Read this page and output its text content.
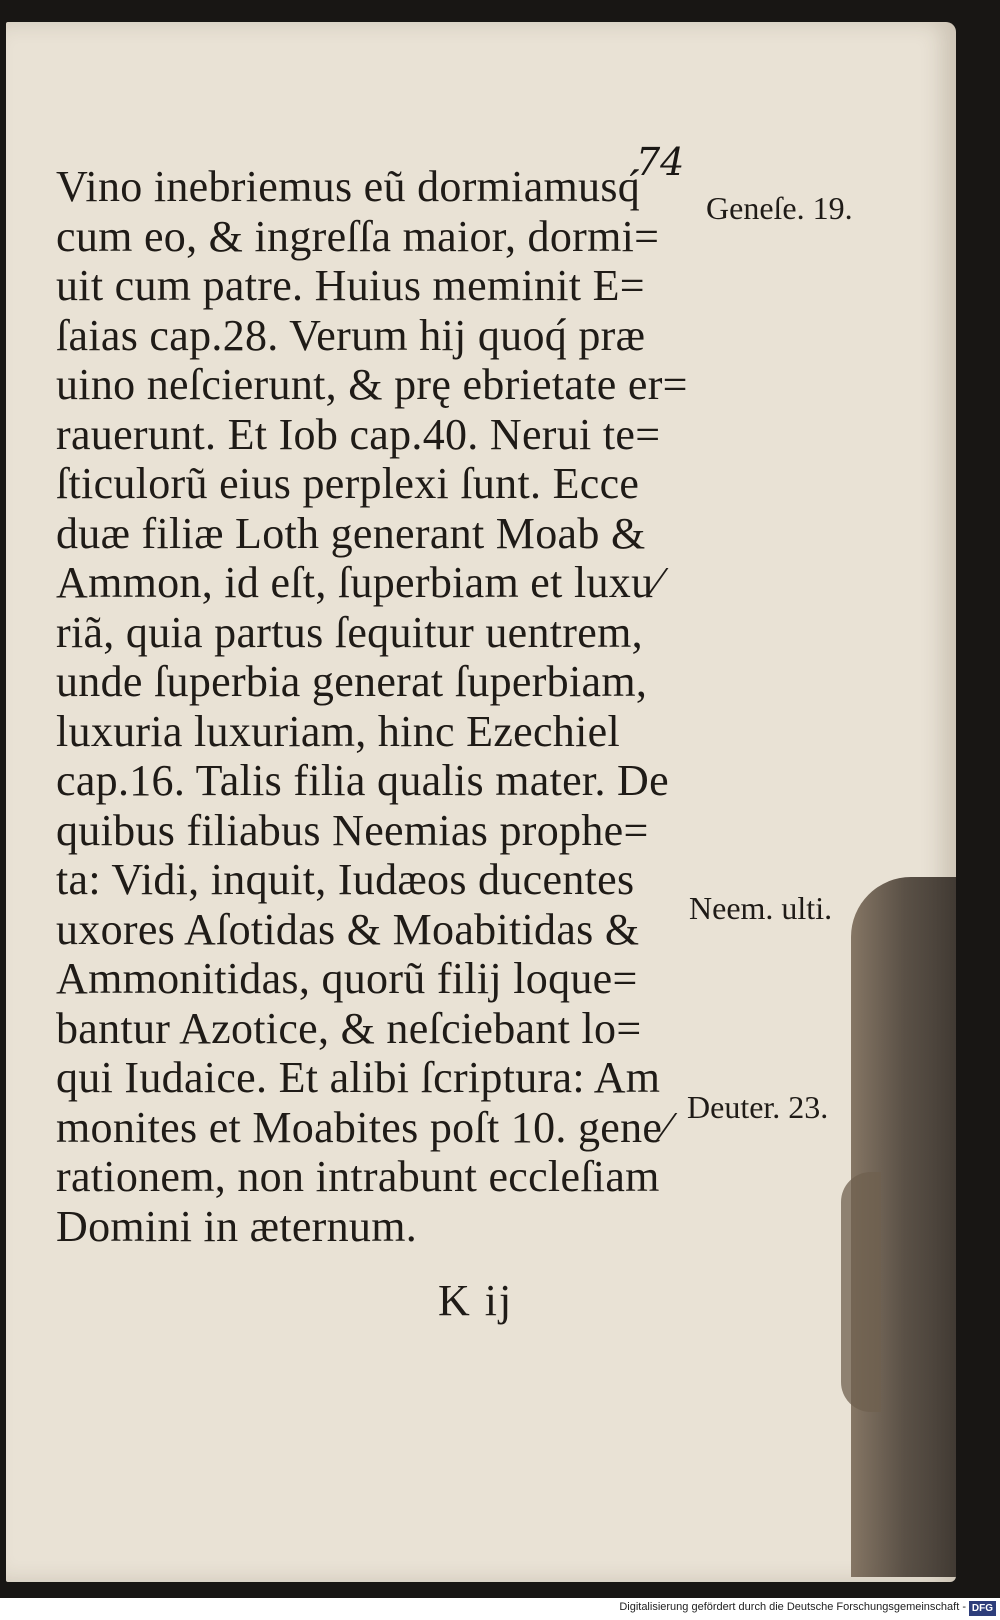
74

Vino inebriemus eũ dormiamusq́
cum eo, & ingreſſa maior, dormi=
uit cum patre. Huius meminit E=
ſaias cap.28. Verum hij quoq́ præ
uino neſcierunt, & prę ebrietate er=
rauerunt. Et Iob cap.40. Nerui te=
ſticulorũ eius perplexi ſunt. Ecce
duæ filiæ Loth generant Moab &
Ammon, id eſt, ſuperbiam et luxu⁄
riã, quia partus ſequitur uentrem,
unde ſuperbia generat ſuperbiam,
luxuria luxuriam, hinc Ezechiel
cap.16. Talis filia qualis mater. De
quibus filiabus Neemias prophe=
ta: Vidi, inquit, Iudæos ducentes
uxores Aſotidas & Moabitidas &
Ammonitidas, quorũ filij loque=
bantur Azotice, & neſciebant lo=
qui Iudaice. Et alibi ſcriptura: Am
monites et Moabites poſt 10. gene⁄
rationem, non intrabunt eccleſiam
Domini in æternum.

Geneſe. 19.

Neem. ulti.

Deuter. 23.

K ij

Digitalisierung gefördert durch die Deutsche Forschungsgemeinschaft - DFG
